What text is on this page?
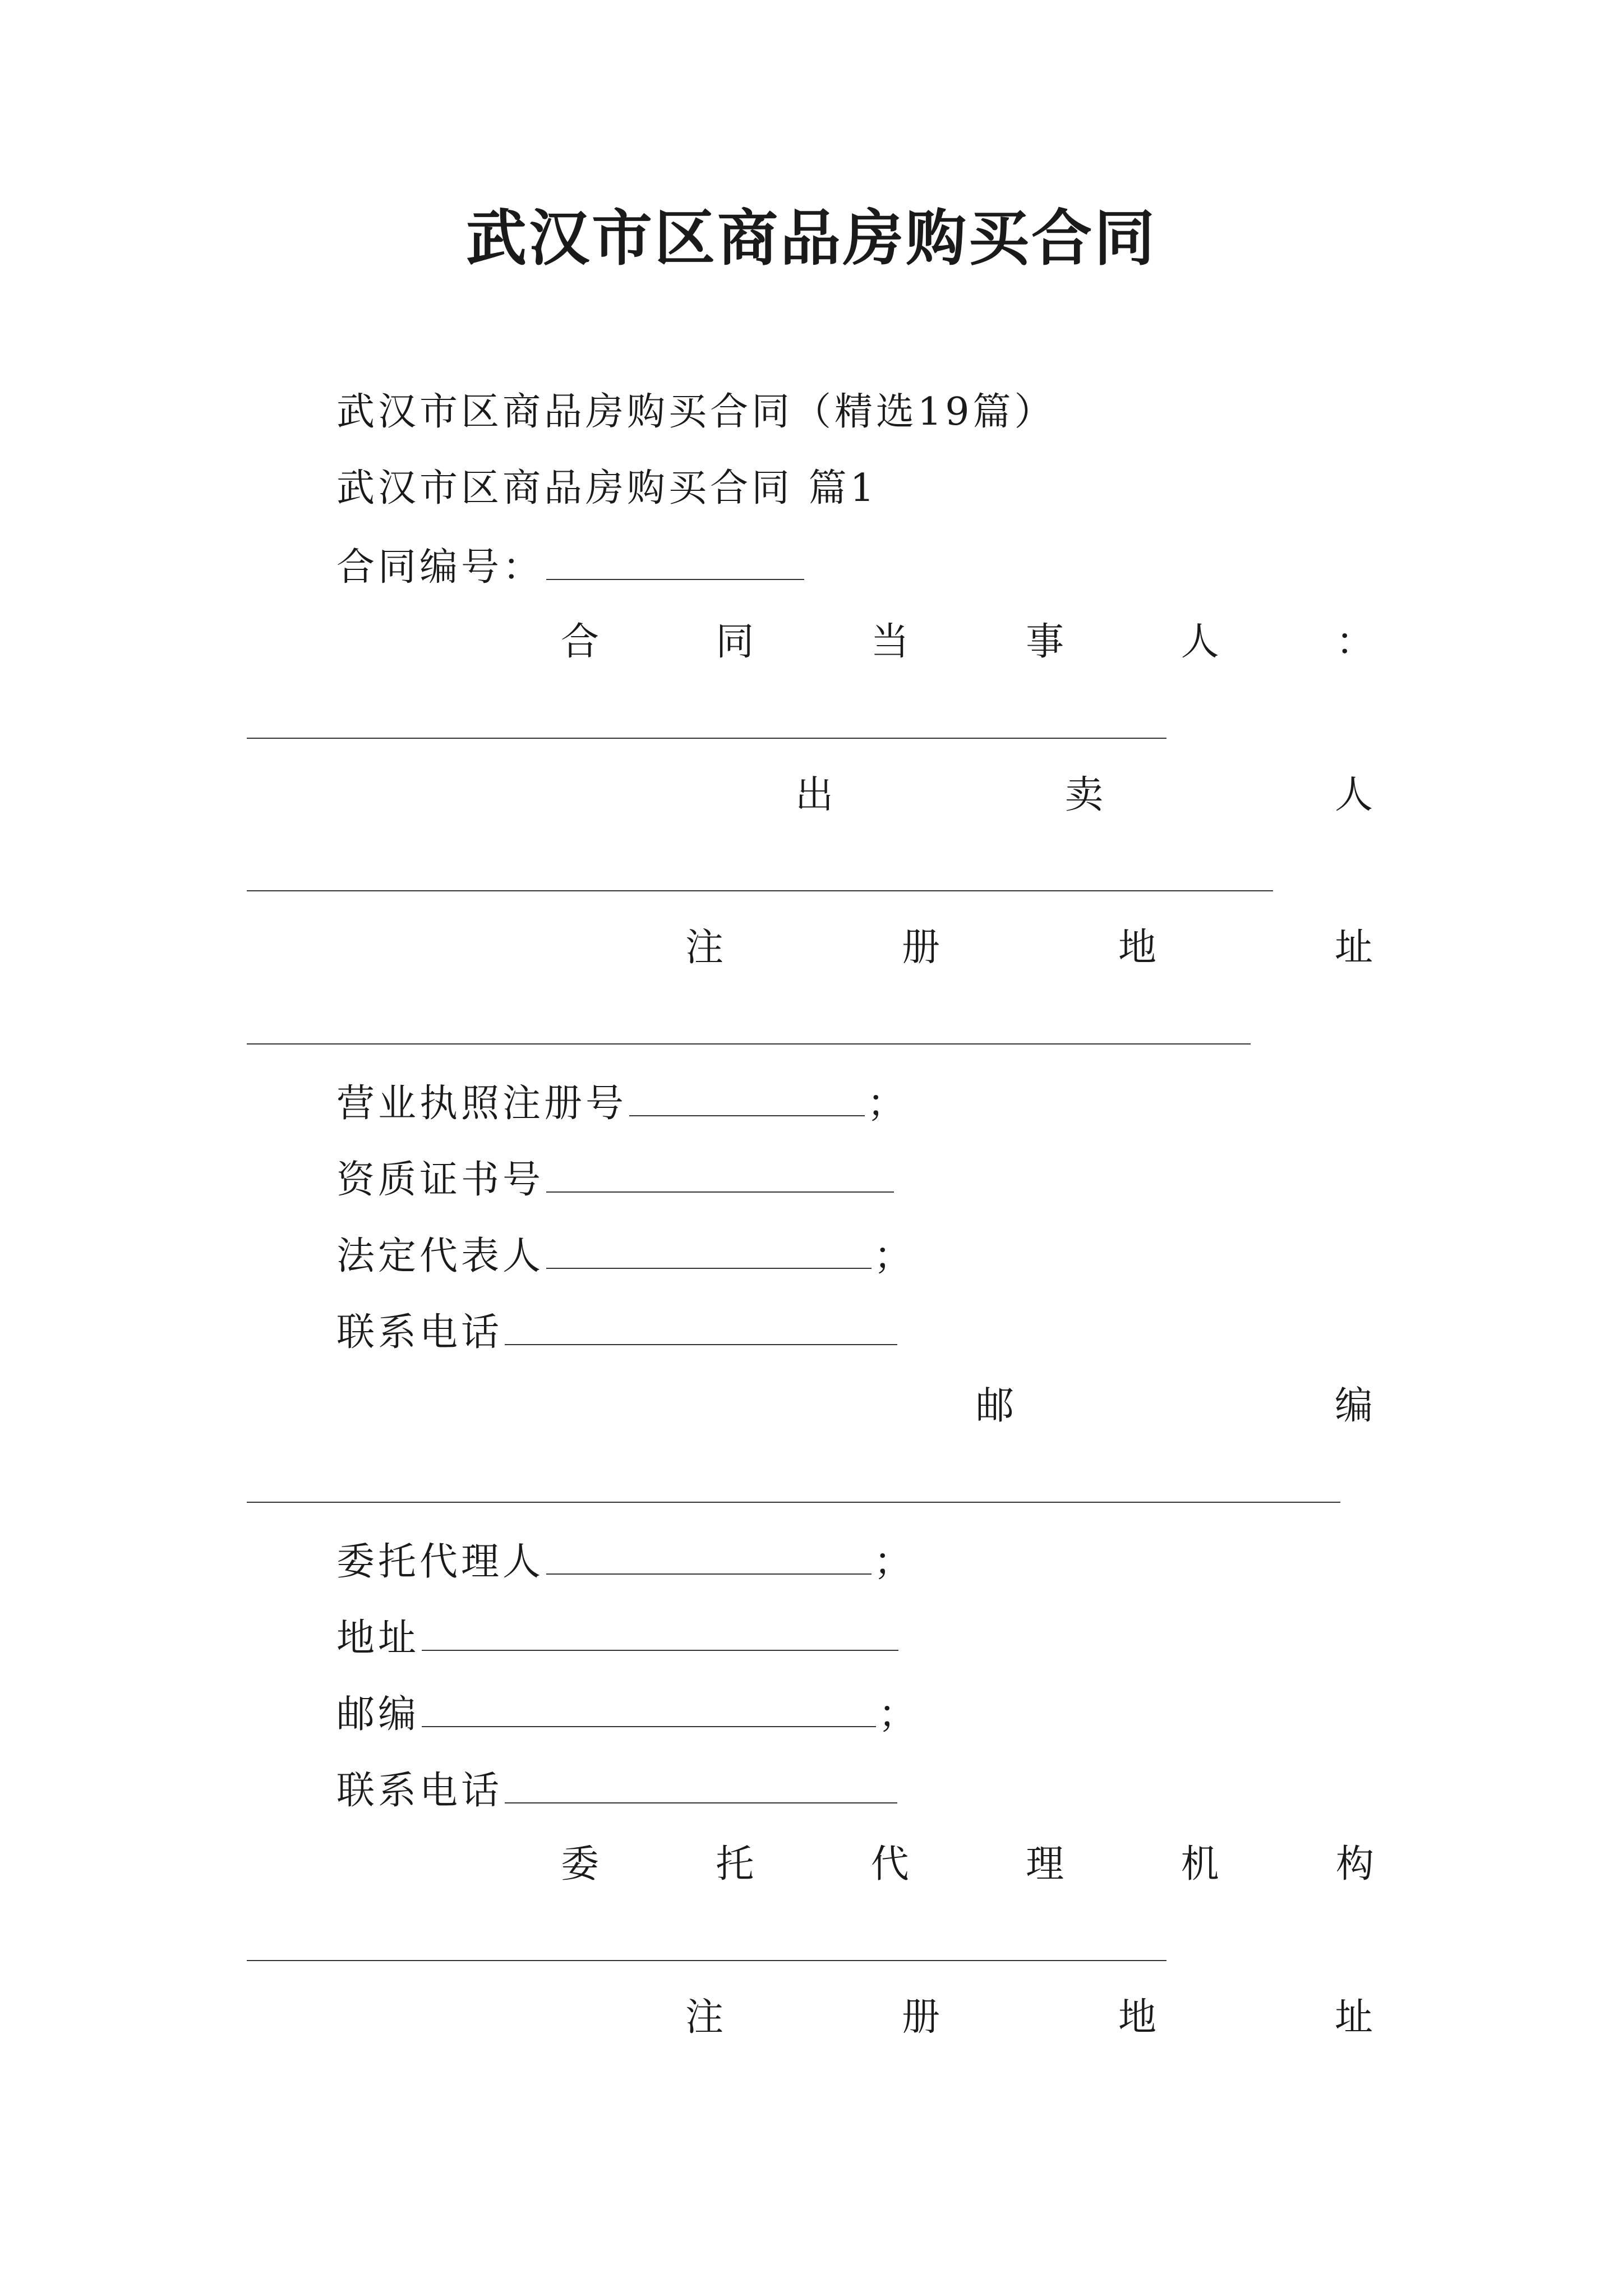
武汉市区商品房购买合同
武汉市区商品房购买合同（精选19篇）
武汉市区商品房购买合同 篇1
合同编号：
合	同	当	事	人	：
出	卖	人
注	册	地	址
营业执照注册号	；
资质证书号
法定代表人	；
联系电话
邮	编
委托代理人	；
地址
邮编	；
联系电话
委	托	代	理	机	构
注	册	地	址
